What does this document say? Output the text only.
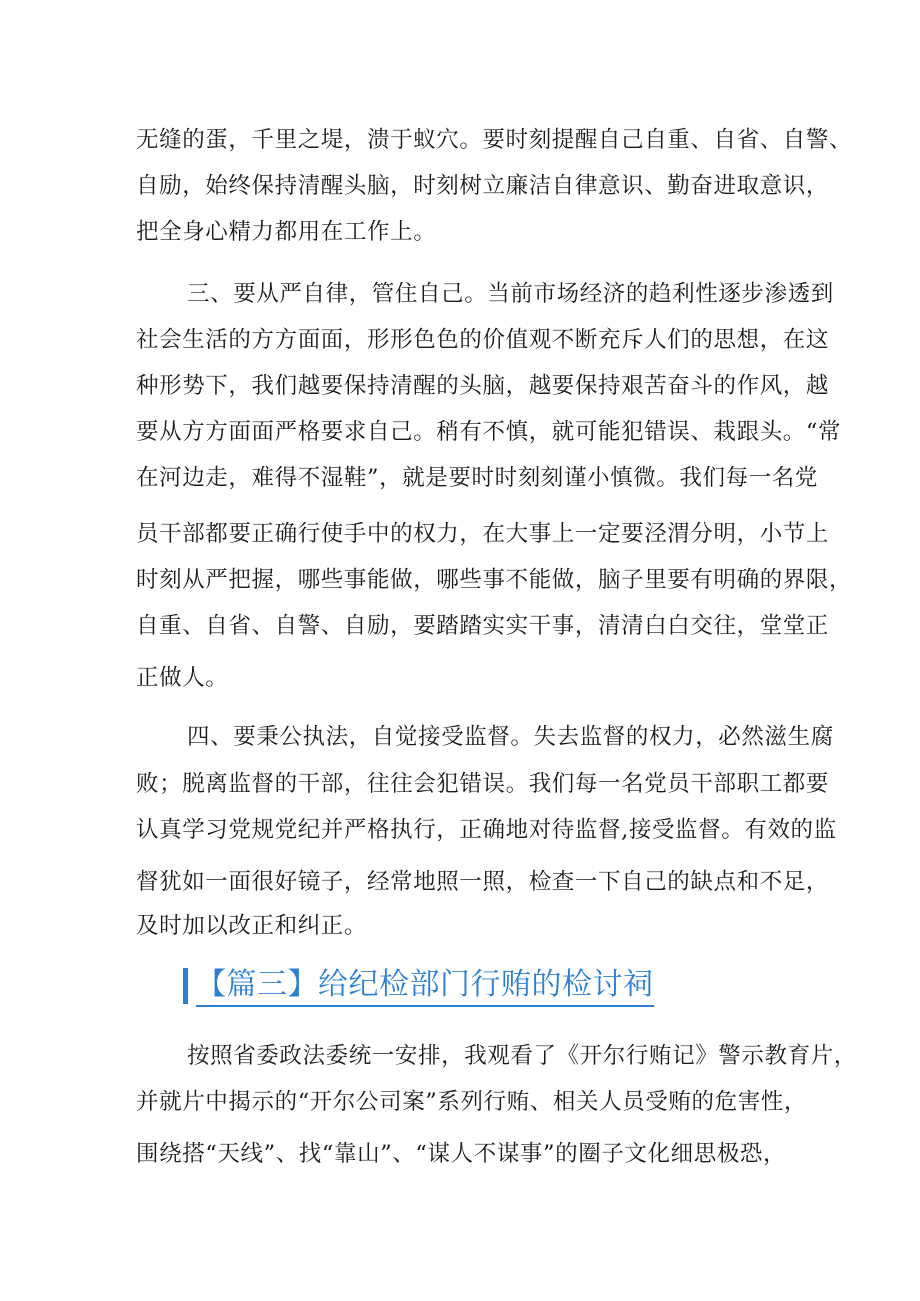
无缝的蛋，千里之堤，溃于蚁穴。要时刻提醒自己自重、自省、自警、
自励，始终保持清醒头脑，时刻树立廉洁自律意识、勤奋进取意识，
把全身心精力都用在工作上。
三、要从严自律，管住自己。当前市场经济的趋利性逐步渗透到
社会生活的方方面面，形形色色的价值观不断充斥人们的思想，在这
种形势下，我们越要保持清醒的头脑，越要保持艰苦奋斗的作风，越
要从方方面面严格要求自己。稍有不慎，就可能犯错误、栽跟头。“常
在河边走，难得不湿鞋”，就是要时时刻刻谨小慎微。我们每一名党
员干部都要正确行使手中的权力，在大事上一定要泾渭分明，小节上
时刻从严把握，哪些事能做，哪些事不能做，脑子里要有明确的界限，
自重、自省、自警、自励，要踏踏实实干事，清清白白交往，堂堂正
正做人。
四、要秉公执法，自觉接受监督。失去监督的权力，必然滋生腐
败；脱离监督的干部，往往会犯错误。我们每一名党员干部职工都要
认真学习党规党纪并严格执行，正确地对待监督,接受监督。有效的监
督犹如一面很好镜子，经常地照一照，检查一下自己的缺点和不足，
及时加以改正和纠正。
【篇三】给纪检部门行贿的检讨祠
按照省委政法委统一安排，我观看了《开尔行贿记》警示教育片，
并就片中揭示的“开尔公司案”系列行贿、相关人员受贿的危害性，
围绕搭“天线”、找“靠山”、“谋人不谋事”的圈子文化细思极恐，
